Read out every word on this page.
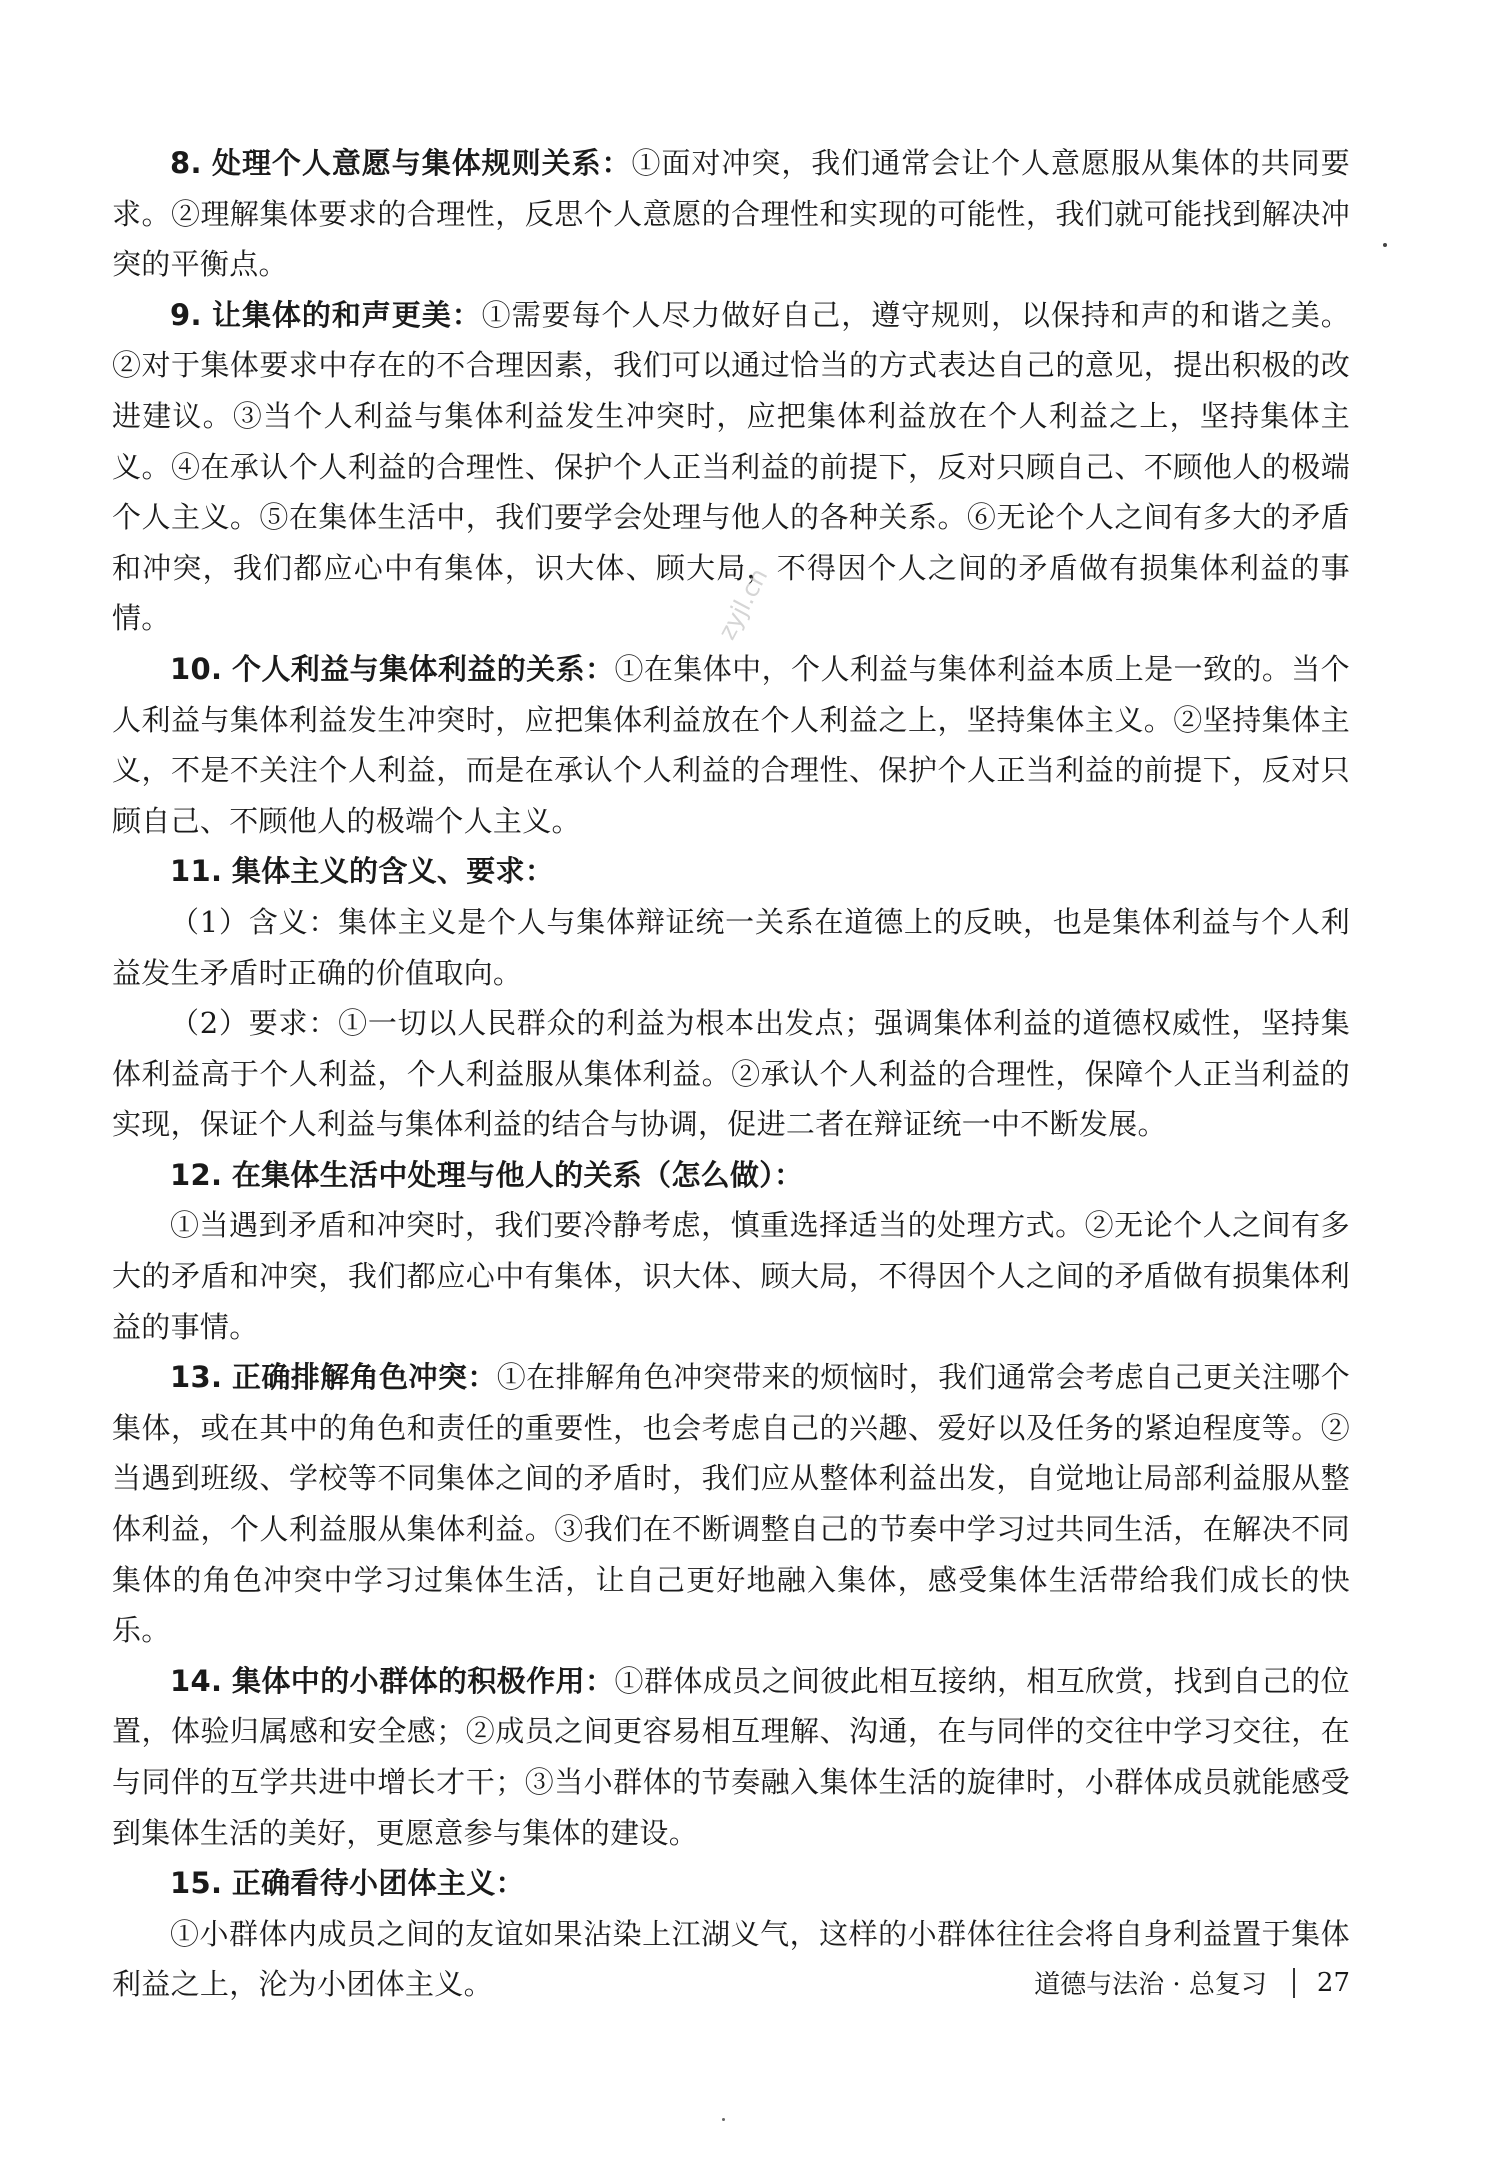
8. 处理个人意愿与集体规则关系：①面对冲突，我们通常会让个人意愿服从集体的共同要求。②理解集体要求的合理性，反思个人意愿的合理性和实现的可能性，我们就可能找到解决冲突的平衡点。

9. 让集体的和声更美：①需要每个人尽力做好自己，遵守规则，以保持和声的和谐之美。②对于集体要求中存在的不合理因素，我们可以通过恰当的方式表达自己的意见，提出积极的改进建议。③当个人利益与集体利益发生冲突时，应把集体利益放在个人利益之上，坚持集体主义。④在承认个人利益的合理性、保护个人正当利益的前提下，反对只顾自己、不顾他人的极端个人主义。⑤在集体生活中，我们要学会处理与他人的各种关系。⑥无论个人之间有多大的矛盾和冲突，我们都应心中有集体，识大体、顾大局，不得因个人之间的矛盾做有损集体利益的事情。

10. 个人利益与集体利益的关系：①在集体中，个人利益与集体利益本质上是一致的。当个人利益与集体利益发生冲突时，应把集体利益放在个人利益之上，坚持集体主义。②坚持集体主义，不是不关注个人利益，而是在承认个人利益的合理性、保护个人正当利益的前提下，反对只顾自己、不顾他人的极端个人主义。

11. 集体主义的含义、要求：

（1）含义：集体主义是个人与集体辩证统一关系在道德上的反映，也是集体利益与个人利益发生矛盾时正确的价值取向。

（2）要求：①一切以人民群众的利益为根本出发点；强调集体利益的道德权威性，坚持集体利益高于个人利益，个人利益服从集体利益。②承认个人利益的合理性，保障个人正当利益的实现，保证个人利益与集体利益的结合与协调，促进二者在辩证统一中不断发展。

12. 在集体生活中处理与他人的关系（怎么做）：

①当遇到矛盾和冲突时，我们要冷静考虑，慎重选择适当的处理方式。②无论个人之间有多大的矛盾和冲突，我们都应心中有集体，识大体、顾大局，不得因个人之间的矛盾做有损集体利益的事情。

13. 正确排解角色冲突：①在排解角色冲突带来的烦恼时，我们通常会考虑自己更关注哪个集体，或在其中的角色和责任的重要性，也会考虑自己的兴趣、爱好以及任务的紧迫程度等。②当遇到班级、学校等不同集体之间的矛盾时，我们应从整体利益出发，自觉地让局部利益服从整体利益，个人利益服从集体利益。③我们在不断调整自己的节奏中学习过共同生活，在解决不同集体的角色冲突中学习过集体生活，让自己更好地融入集体，感受集体生活带给我们成长的快乐。

14. 集体中的小群体的积极作用：①群体成员之间彼此相互接纳，相互欣赏，找到自己的位置，体验归属感和安全感；②成员之间更容易相互理解、沟通，在与同伴的交往中学习交往，在与同伴的互学共进中增长才干；③当小群体的节奏融入集体生活的旋律时，小群体成员就能感受到集体生活的美好，更愿意参与集体的建设。

15. 正确看待小团体主义：

①小群体内成员之间的友谊如果沾染上江湖义气，这样的小群体往往会将自身利益置于集体利益之上，沦为小团体主义。

zyjl.cn
道德与法治 · 总复习 27
